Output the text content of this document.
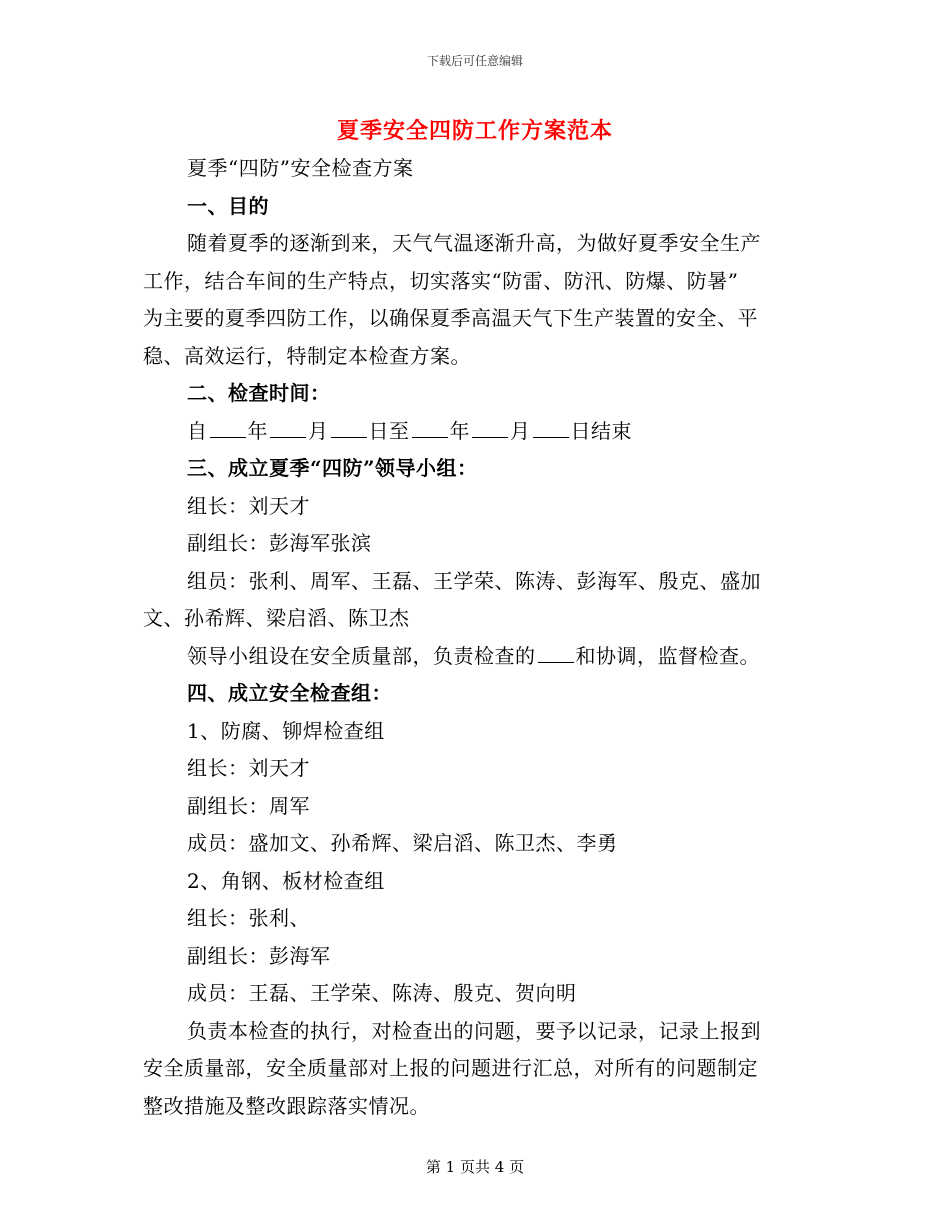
下载后可任意编辑
夏季安全四防工作方案范本
夏季“四防”安全检查方案
一、目的
随着夏季的逐渐到来，天气气温逐渐升高，为做好夏季安全生产
工作，结合车间的生产特点，切实落实“防雷、防汛、防爆、防暑”
为主要的夏季四防工作，以确保夏季高温天气下生产装置的安全、平
稳、高效运行，特制定本检查方案。
二、检查时间：
自 年 月 日至 年 月 日结束
三、成立夏季“四防”领导小组：
组长：刘天才
副组长：彭海军张滨
组员：张利、周军、王磊、王学荣、陈涛、彭海军、殷克、盛加
文、孙希辉、梁启滔、陈卫杰
领导小组设在安全质量部，负责检查的 和协调，监督检查。
四、成立安全检查组：
1、防腐、铆焊检查组
组长：刘天才
副组长：周军
成员：盛加文、孙希辉、梁启滔、陈卫杰、李勇
2、角钢、板材检查组
组长：张利、
副组长：彭海军
成员：王磊、王学荣、陈涛、殷克、贺向明
负责本检查的执行，对检查出的问题，要予以记录，记录上报到
安全质量部，安全质量部对上报的问题进行汇总，对所有的问题制定
整改措施及整改跟踪落实情况。
第 1 页共 4 页
